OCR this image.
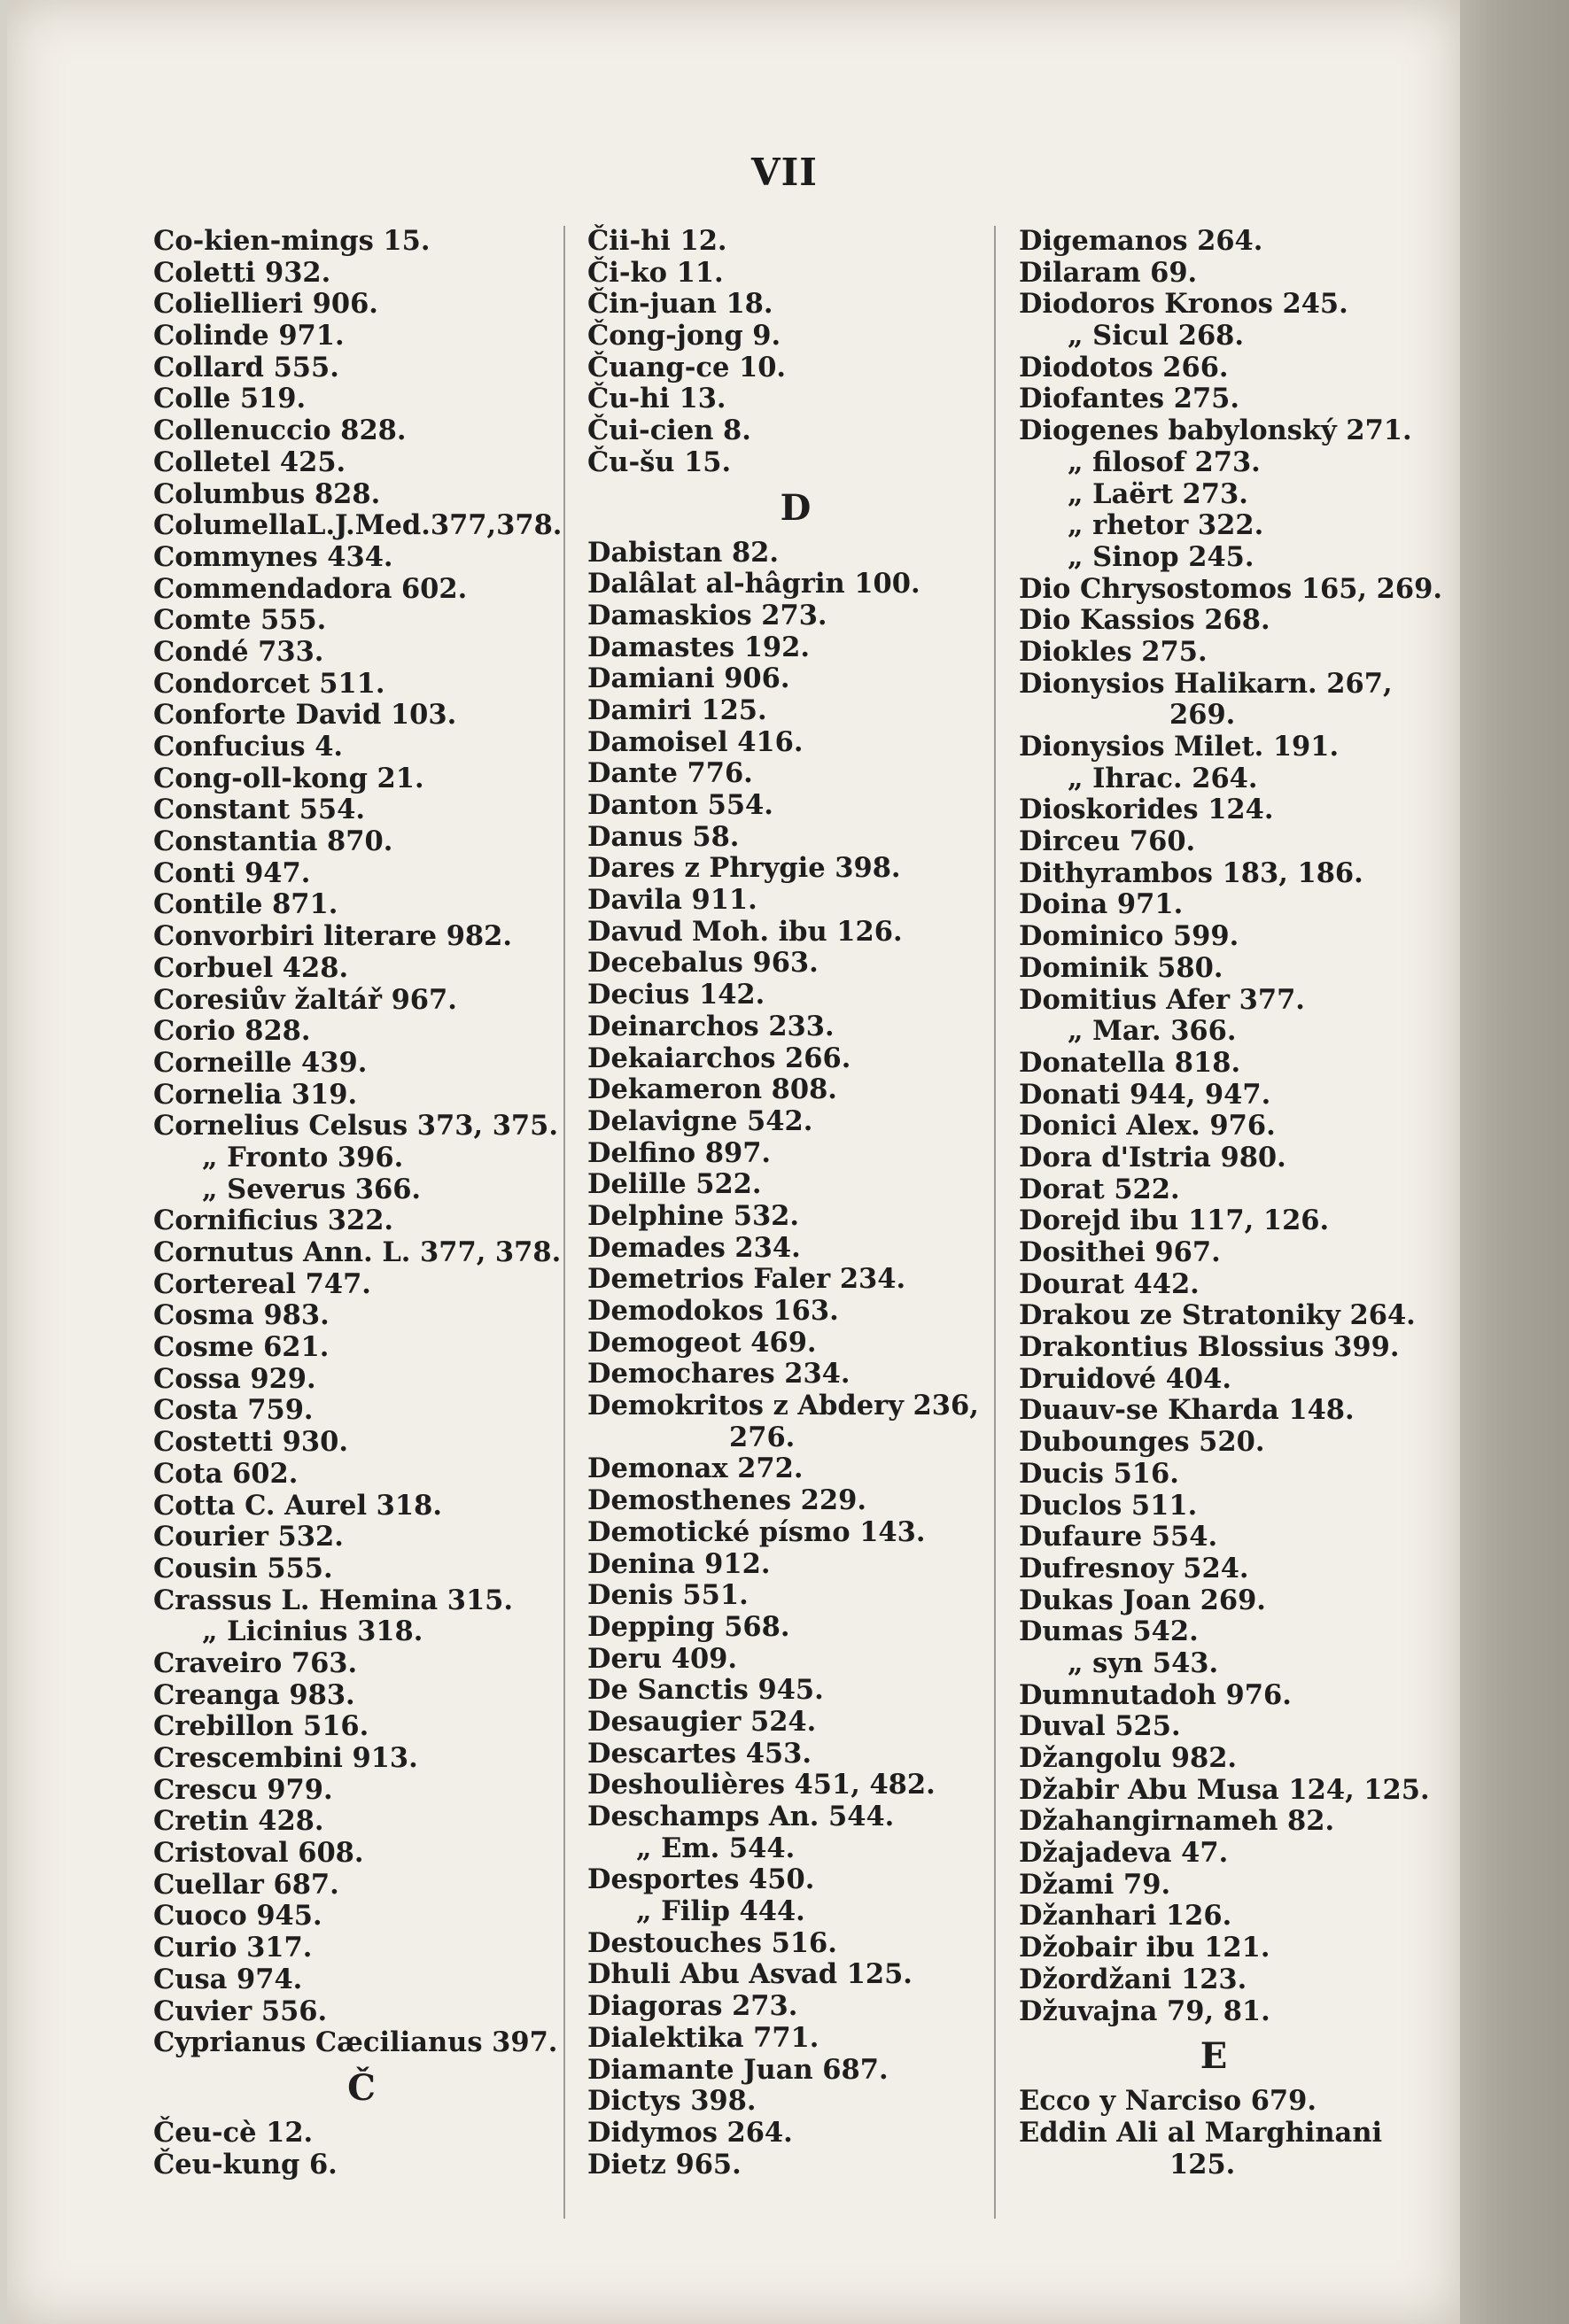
VII
Co-kien-mings 15.
Coletti 932.
Coliellieri 906.
Colinde 971.
Collard 555.
Colle 519.
Collenuccio 828.
Colletel 425.
Columbus 828.
ColumellaL.J.Med.377,378.
Commynes 434.
Commendadora 602.
Comte 555.
Condé 733.
Condorcet 511.
Conforte David 103.
Confucius 4.
Cong-oll-kong 21.
Constant 554.
Constantia 870.
Conti 947.
Contile 871.
Convorbiri literare 982.
Corbuel 428.
Coresiův žaltář 967.
Corio 828.
Corneille 439.
Cornelia 319.
Cornelius Celsus 373, 375.
„ Fronto 396.
„ Severus 366.
Cornificius 322.
Cornutus Ann. L. 377, 378.
Cortereal 747.
Cosma 983.
Cosme 621.
Cossa 929.
Costa 759.
Costetti 930.
Cota 602.
Cotta C. Aurel 318.
Courier 532.
Cousin 555.
Crassus L. Hemina 315.
„ Licinius 318.
Craveiro 763.
Creanga 983.
Crebillon 516.
Crescembini 913.
Crescu 979.
Cretin 428.
Cristoval 608.
Cuellar 687.
Cuoco 945.
Curio 317.
Cusa 974.
Cuvier 556.
Cyprianus Cæcilianus 397.
Č
Čeu-cè 12.
Čeu-kung 6.
Čii-hi 12.
Či-ko 11.
Čin-juan 18.
Čong-jong 9.
Čuang-ce 10.
Ču-hi 13.
Čui-cien 8.
Ču-šu 15.
D
Dabistan 82.
Dalâlat al-hâgrin 100.
Damaskios 273.
Damastes 192.
Damiani 906.
Damiri 125.
Damoisel 416.
Dante 776.
Danton 554.
Danus 58.
Dares z Phrygie 398.
Davila 911.
Davud Moh. ibu 126.
Decebalus 963.
Decius 142.
Deinarchos 233.
Dekaiarchos 266.
Dekameron 808.
Delavigne 542.
Delfino 897.
Delille 522.
Delphine 532.
Demades 234.
Demetrios Faler 234.
Demodokos 163.
Demogeot 469.
Demochares 234.
Demokritos z Abdery 236,
276.
Demonax 272.
Demosthenes 229.
Demotické písmo 143.
Denina 912.
Denis 551.
Depping 568.
Deru 409.
De Sanctis 945.
Desaugier 524.
Descartes 453.
Deshoulières 451, 482.
Deschamps An. 544.
„ Em. 544.
Desportes 450.
„ Filip 444.
Destouches 516.
Dhuli Abu Asvad 125.
Diagoras 273.
Dialektika 771.
Diamante Juan 687.
Dictys 398.
Didymos 264.
Dietz 965.
Digemanos 264.
Dilaram 69.
Diodoros Kronos 245.
„ Sicul 268.
Diodotos 266.
Diofantes 275.
Diogenes babylonský 271.
„ filosof 273.
„ Laërt 273.
„ rhetor 322.
„ Sinop 245.
Dio Chrysostomos 165, 269.
Dio Kassios 268.
Diokles 275.
Dionysios Halikarn. 267,
269.
Dionysios Milet. 191.
„ Ihrac. 264.
Dioskorides 124.
Dirceu 760.
Dithyrambos 183, 186.
Doina 971.
Dominico 599.
Dominik 580.
Domitius Afer 377.
„ Mar. 366.
Donatella 818.
Donati 944, 947.
Donici Alex. 976.
Dora d'Istria 980.
Dorat 522.
Dorejd ibu 117, 126.
Dosithei 967.
Dourat 442.
Drakou ze Stratoniky 264.
Drakontius Blossius 399.
Druidové 404.
Duauv-se Kharda 148.
Dubounges 520.
Ducis 516.
Duclos 511.
Dufaure 554.
Dufresnoy 524.
Dukas Joan 269.
Dumas 542.
„ syn 543.
Dumnutadoh 976.
Duval 525.
Džangolu 982.
Džabir Abu Musa 124, 125.
Džahangirnameh 82.
Džajadeva 47.
Džami 79.
Džanhari 126.
Džobair ibu 121.
Džordžani 123.
Džuvajna 79, 81.
E
Ecco y Narciso 679.
Eddin Ali al Marghinani
125.
